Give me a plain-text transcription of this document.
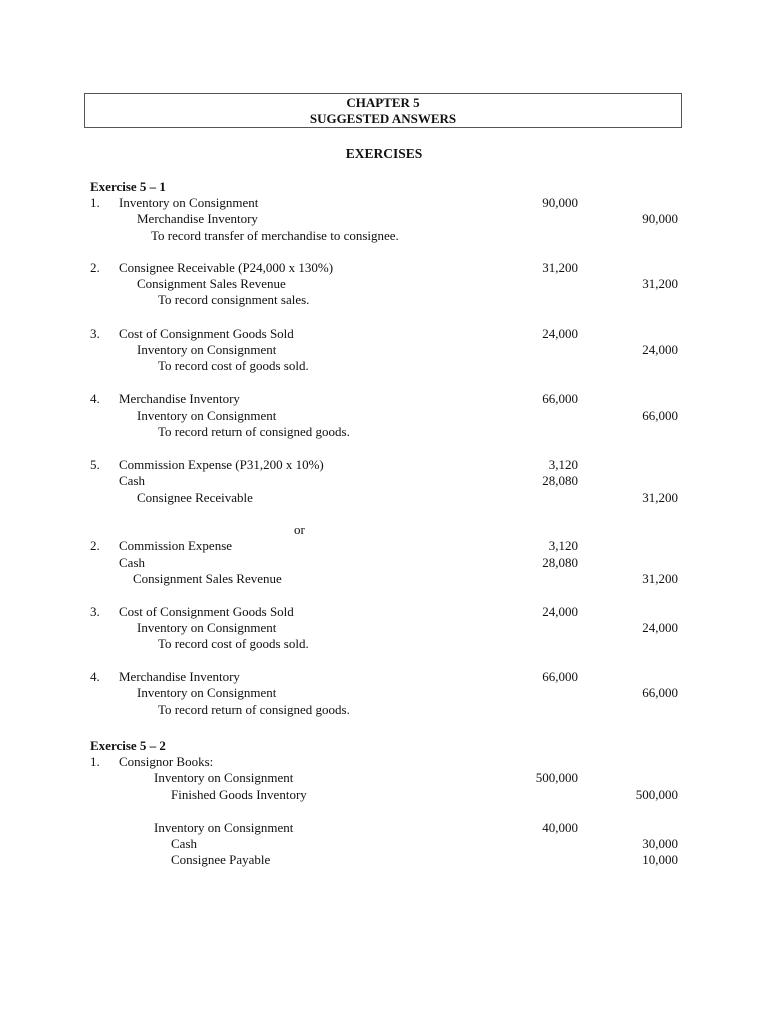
CHAPTER 5
SUGGESTED ANSWERS
EXERCISES
Exercise 5 – 1
1. Inventory on Consignment	90,000
Merchandise Inventory	90,000
To record transfer of merchandise to consignee.
2. Consignee Receivable (P24,000 x 130%)	31,200
Consignment Sales Revenue	31,200
To record consignment sales.
3. Cost of Consignment Goods Sold	24,000
Inventory on Consignment	24,000
To record cost of goods sold.
4. Merchandise Inventory	66,000
Inventory on Consignment	66,000
To record return of consigned goods.
5. Commission Expense (P31,200 x 10%)	3,120
Cash	28,080
Consignee Receivable	31,200
or
2. Commission Expense	3,120
Cash	28,080
Consignment Sales Revenue	31,200
3. Cost of Consignment Goods Sold	24,000
Inventory on Consignment	24,000
To record cost of goods sold.
4. Merchandise Inventory	66,000
Inventory on Consignment	66,000
To record return of consigned goods.
Exercise 5 – 2
1. Consignor Books:
Inventory on Consignment	500,000
Finished Goods Inventory	500,000
Inventory on Consignment	40,000
Cash	30,000
Consignee Payable	10,000
